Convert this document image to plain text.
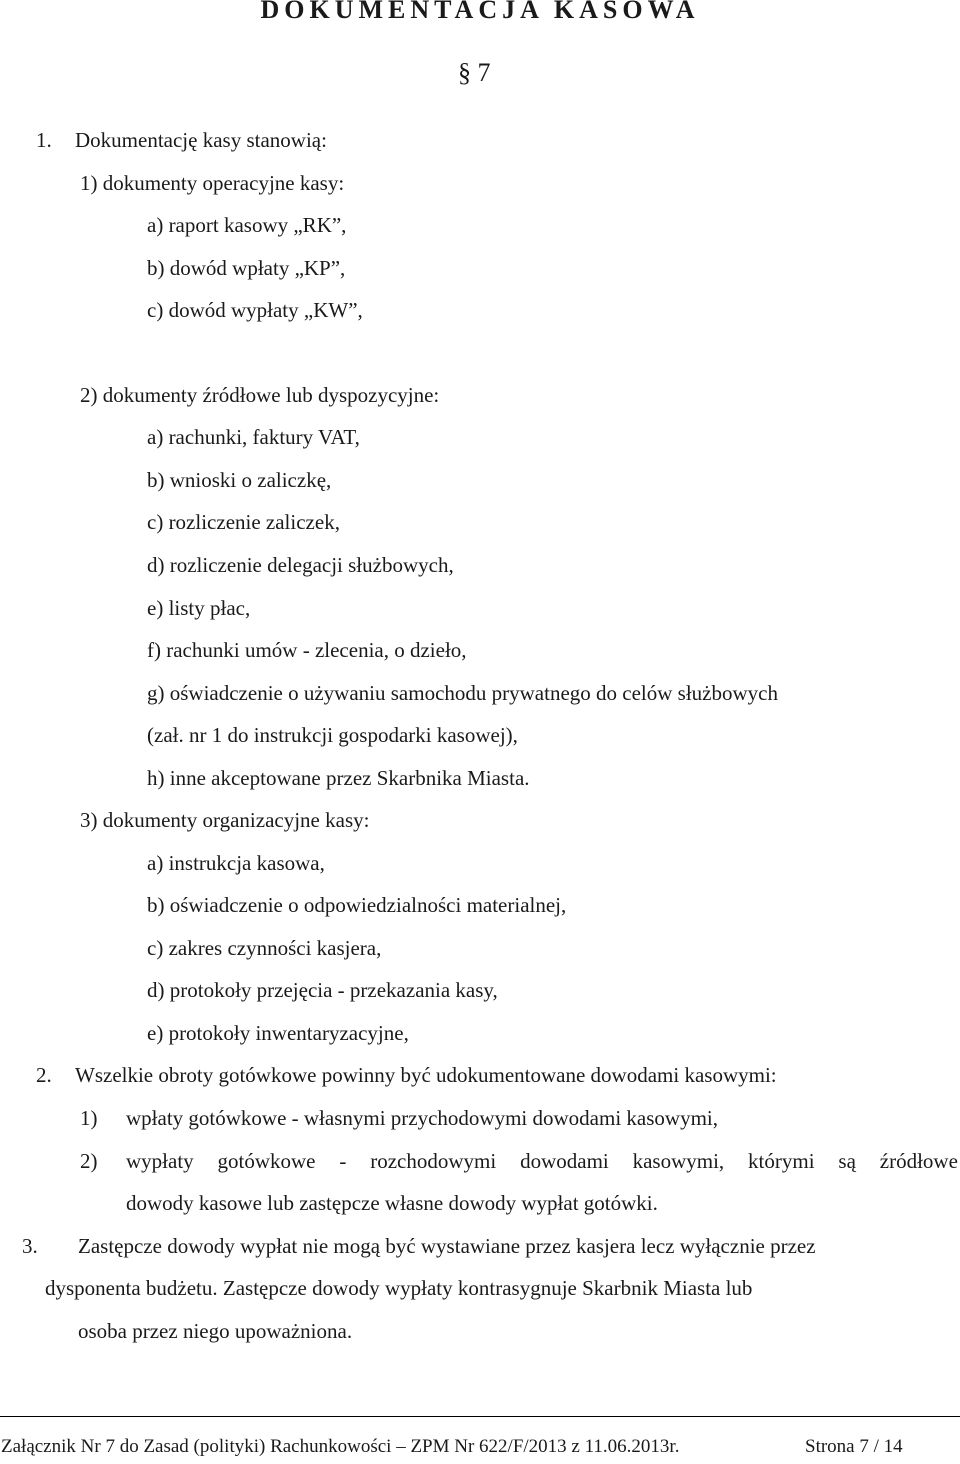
DOKUMENTACJA KASOWA
§ 7
1. Dokumentację kasy stanowią:
1) dokumenty operacyjne kasy:
a) raport kasowy „RK”,
b) dowód wpłaty „KP”,
c) dowód wypłaty „KW”,
2) dokumenty źródłowe lub dyspozycyjne:
a) rachunki, faktury VAT,
b) wnioski o zaliczkę,
c) rozliczenie zaliczek,
d) rozliczenie delegacji służbowych,
e) listy płac,
f) rachunki umów - zlecenia, o dzieło,
g) oświadczenie o używaniu samochodu prywatnego do celów służbowych
(zał. nr 1 do instrukcji gospodarki kasowej),
h) inne akceptowane przez Skarbnika Miasta.
3) dokumenty organizacyjne kasy:
a) instrukcja kasowa,
b) oświadczenie o odpowiedzialności materialnej,
c) zakres czynności kasjera,
d) protokoły przejęcia - przekazania kasy,
e) protokoły inwentaryzacyjne,
2. Wszelkie obroty gotówkowe powinny być udokumentowane dowodami kasowymi:
1) wpłaty gotówkowe - własnymi przychodowymi dowodami kasowymi,
2) wypłaty gotówkowe - rozchodowymi dowodami kasowymi, którymi są źródłowe
dowody kasowe lub zastępcze własne dowody wypłat gotówki.
3. Zastępcze dowody wypłat nie mogą być wystawiane przez kasjera lecz wyłącznie przez
dysponenta budżetu. Zastępcze dowody wypłaty kontrasygnuje Skarbnik Miasta lub
osoba przez niego upoważniona.
Załącznik Nr 7 do Zasad (polityki) Rachunkowości – ZPM Nr 622/F/2013 z 11.06.2013r.	Strona 7 / 14
